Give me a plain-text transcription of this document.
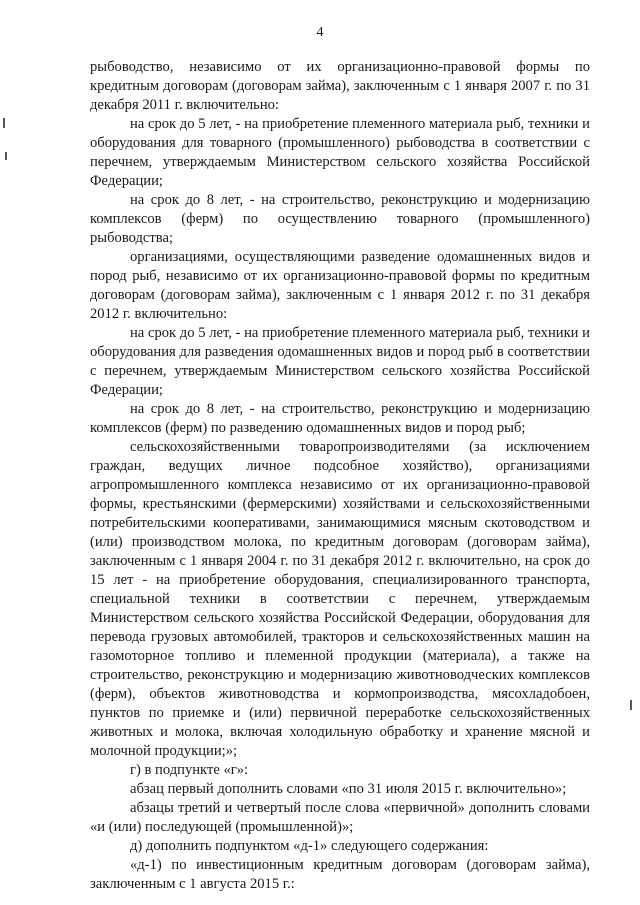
4

рыбоводство, независимо от их организационно-правовой формы по кредитным договорам (договорам займа), заключенным с 1 января 2007 г. по 31 декабря 2011 г. включительно:

на срок до 5 лет, - на приобретение племенного материала рыб, техники и оборудования для товарного (промышленного) рыбоводства в соответствии с перечнем, утверждаемым Министерством сельского хозяйства Российской Федерации;

на срок до 8 лет, - на строительство, реконструкцию и модернизацию комплексов (ферм) по осуществлению товарного (промышленного) рыбоводства;

организациями, осуществляющими разведение одомашненных видов и пород рыб, независимо от их организационно-правовой формы по кредитным договорам (договорам займа), заключенным с 1 января 2012 г. по 31 декабря 2012 г. включительно:

на срок до 5 лет, - на приобретение племенного материала рыб, техники и оборудования для разведения одомашненных видов и пород рыб в соответствии с перечнем, утверждаемым Министерством сельского хозяйства Российской Федерации;

на срок до 8 лет, - на строительство, реконструкцию и модернизацию комплексов (ферм) по разведению одомашненных видов и пород рыб;

сельскохозяйственными товаропроизводителями (за исключением граждан, ведущих личное подсобное хозяйство), организациями агропромышленного комплекса независимо от их организационно-правовой формы, крестьянскими (фермерскими) хозяйствами и сельскохозяйственными потребительскими кооперативами, занимающимися мясным скотоводством и (или) производством молока, по кредитным договорам (договорам займа), заключенным с 1 января 2004 г. по 31 декабря 2012 г. включительно, на срок до 15 лет - на приобретение оборудования, специализированного транспорта, специальной техники в соответствии с перечнем, утверждаемым Министерством сельского хозяйства Российской Федерации, оборудования для перевода грузовых автомобилей, тракторов и сельскохозяйственных машин на газомоторное топливо и племенной продукции (материала), а также на строительство, реконструкцию и модернизацию животноводческих комплексов (ферм), объектов животноводства и кормопроизводства, мясохладобоен, пунктов по приемке и (или) первичной переработке сельскохозяйственных животных и молока, включая холодильную обработку и хранение мясной и молочной продукции;»;

г) в подпункте «г»:

абзац первый дополнить словами «по 31 июля 2015 г. включительно»;

абзацы третий и четвертый после слова «первичной» дополнить словами «и (или) последующей (промышленной)»;

д) дополнить подпунктом «д-1» следующего содержания:

«д-1) по инвестиционным кредитным договорам (договорам займа), заключенным с 1 августа 2015 г.:
